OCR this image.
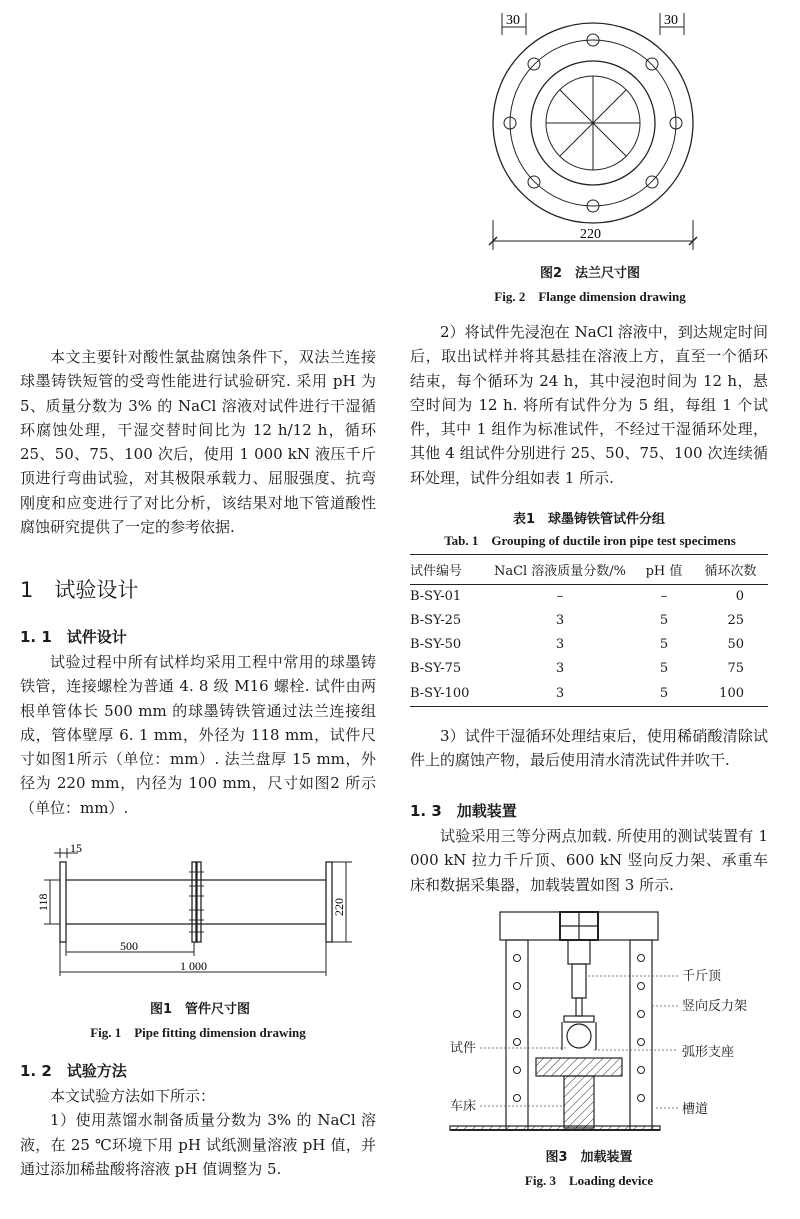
30	30
220
图2　法兰尺寸图
Fig. 2　Flange dimension drawing

本文主要针对酸性氯盐腐蚀条件下，双法兰连接球墨铸铁短管的受弯性能进行试验研究. 采用 pH 为5、质量分数为 3% 的 NaCl 溶液对试件进行干湿循环腐蚀处理，干湿交替时间比为 12 h/12 h，循环 25、50、75、100 次后，使用 1 000 kN 液压千斤顶进行弯曲试验，对其极限承载力、屈服强度、抗弯刚度和应变进行了对比分析，该结果对地下管道酸性腐蚀研究提供了一定的参考依据.

1　试验设计
1. 1　试件设计

试验过程中所有试样均采用工程中常用的球墨铸铁管，连接螺栓为普通 4. 8 级 M16 螺栓. 试件由两根单管体长 500 mm 的球墨铸铁管通过法兰连接组成，管体壁厚 6. 1 mm，外径为 118 mm，试件尺寸如图1所示（单位：mm）. 法兰盘厚 15 mm，外径为 220 mm，内径为 100 mm，尺寸如图2 所示（单位：mm）.

15
118	220
500
1 000
图1　管件尺寸图
Fig. 1　Pipe fitting dimension drawing
1. 2　试验方法

本文试验方法如下所示：

1）使用蒸馏水制备质量分数为 3% 的 NaCl 溶液，在 25 ℃环境下用 pH 试纸测量溶液 pH 值，并通过添加稀盐酸将溶液 pH 值调整为 5.

2）将试件先浸泡在 NaCl 溶液中，到达规定时间后，取出试样并将其悬挂在溶液上方，直至一个循环结束，每个循环为 24 h，其中浸泡时间为 12 h，悬空时间为 12 h. 将所有试件分为 5 组，每组 1 个试件，其中 1 组作为标准试件，不经过干湿循环处理，其他 4 组试件分别进行 25、50、75、100 次连续循环处理，试件分组如表 1 所示.

表1　球墨铸铁管试件分组
Tab. 1　Grouping of ductile iron pipe test specimens
试件编号	NaCl 溶液质量分数/%	pH 值	循环次数
B-SY-01	–	–	0
B-SY-25	3	5	25
B-SY-50	3	5	50
B-SY-75	3	5	75
B-SY-100	3	5	100

3）试件干湿循环处理结束后，使用稀硝酸清除试件上的腐蚀产物，最后使用清水清洗试件并吹干.

1. 3　加载装置

试验采用三等分两点加载. 所使用的测试装置有 1 000 kN 拉力千斤顶、600 kN 竖向反力架、承重车床和数据采集器，加载装置如图 3 所示.

千斤顶
竖向反力架
试件	弧形支座
车床	槽道
图3　加载装置
Fig. 3　Loading device
